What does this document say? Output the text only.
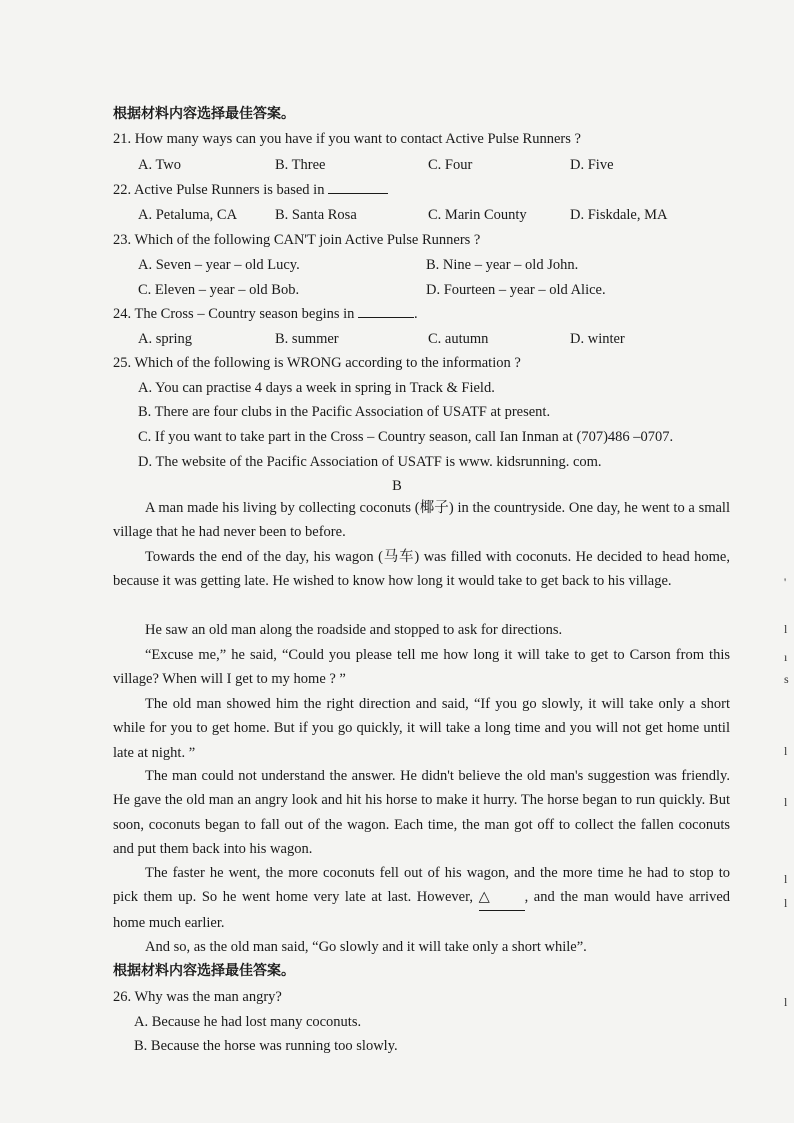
根据材料内容选择最佳答案。
21. How many ways can you have if you want to contact Active Pulse Runners ?
A. Two	B. Three	C. Four	D. Five
22. Active Pulse Runners is based in
A. Petaluma, CA	B. Santa Rosa	C. Marin County	D. Fiskdale, MA
23. Which of the following CAN'T join Active Pulse Runners ?
A. Seven – year – old Lucy.	B. Nine – year – old John.
C. Eleven – year – old Bob.	D. Fourteen – year – old Alice.
24. The Cross – Country season begins in	.
A. spring	B. summer	C. autumn	D. winter
25. Which of the following is WRONG according to the information ?
A. You can practise 4 days a week in spring in Track & Field.
B. There are four clubs in the Pacific Association of USATF at present.
C. If you want to take part in the Cross – Country season, call Ian Inman at (707)486 –0707.
D. The website of the Pacific Association of USATF is www. kidsrunning. com.
B
A man made his living by collecting coconuts (椰子) in the countryside. One day, he went to a small village that he had never been to before.
Towards the end of the day, his wagon (马车) was filled with coconuts. He decided to head home, because it was getting late. He wished to know how long it would take to get back to his village.
He saw an old man along the roadside and stopped to ask for directions.
“Excuse me,” he said, “Could you please tell me how long it will take to get to Carson from this village? When will I get to my home ? ”
The old man showed him the right direction and said, “If you go slowly, it will take only a short while for you to get home. But if you go quickly, it will take a long time and you will not get home until late at night. ”
The man could not understand the answer. He didn't believe the old man's suggestion was friendly. He gave the old man an angry look and hit his horse to make it hurry. The horse began to run quickly. But soon, coconuts began to fall out of the wagon. Each time, the man got off to collect the fallen coconuts and put them back into his wagon.
The faster he went, the more coconuts fell out of his wagon, and the more time he had to stop to pick them up. So he went home very late at last. However, △ , and the man would have arrived home much earlier.
And so, as the old man said, “Go slowly and it will take only a short while”.
根据材料内容选择最佳答案。
26. Why was the man angry?
A. Because he had lost many coconuts.
B. Because the horse was running too slowly.
'
l
ı
s
l
l
l
l
l
